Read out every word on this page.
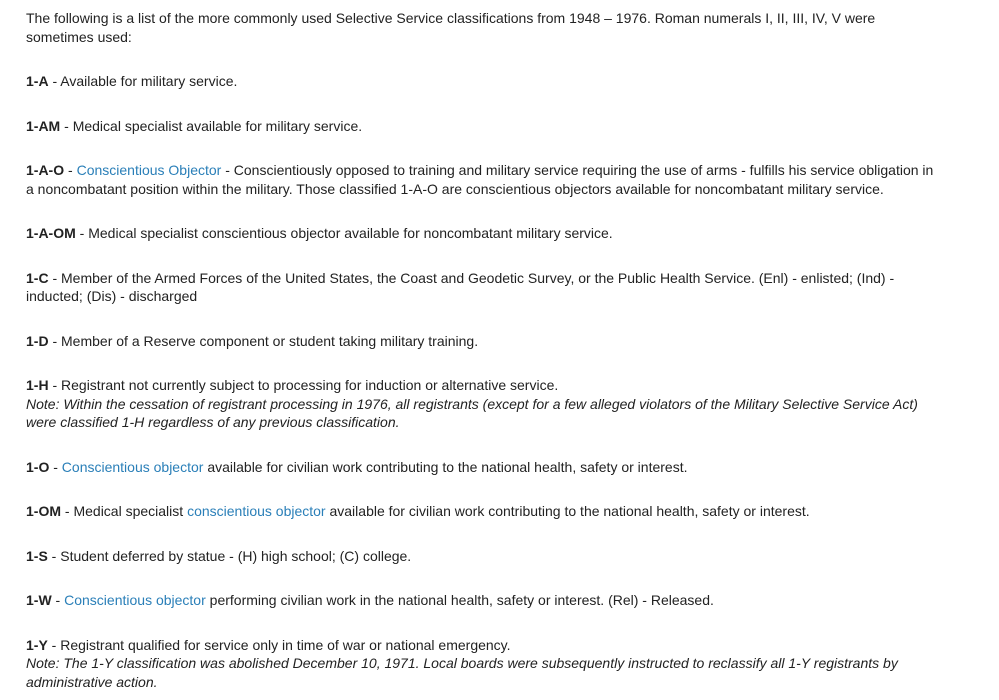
The following is a list of the more commonly used Selective Service classifications from 1948 – 1976. Roman numerals I, II, III, IV, V were sometimes used:

1-A - Available for military service.

1-AM - Medical specialist available for military service.

1-A-O - Conscientious Objector - Conscientiously opposed to training and military service requiring the use of arms - fulfills his service obligation in a noncombatant position within the military. Those classified 1-A-O are conscientious objectors available for noncombatant military service.

1-A-OM - Medical specialist conscientious objector available for noncombatant military service.

1-C - Member of the Armed Forces of the United States, the Coast and Geodetic Survey, or the Public Health Service. (Enl) - enlisted; (Ind) - inducted; (Dis) - discharged

1-D - Member of a Reserve component or student taking military training.

1-H - Registrant not currently subject to processing for induction or alternative service.
Note: Within the cessation of registrant processing in 1976, all registrants (except for a few alleged violators of the Military Selective Service Act) were classified 1-H regardless of any previous classification.

1-O - Conscientious objector available for civilian work contributing to the national health, safety or interest.

1-OM - Medical specialist conscientious objector available for civilian work contributing to the national health, safety or interest.

1-S - Student deferred by statue - (H) high school; (C) college.

1-W - Conscientious objector performing civilian work in the national health, safety or interest. (Rel) - Released.

1-Y - Registrant qualified for service only in time of war or national emergency.
Note: The 1-Y classification was abolished December 10, 1971. Local boards were subsequently instructed to reclassify all 1-Y registrants by administrative action.
